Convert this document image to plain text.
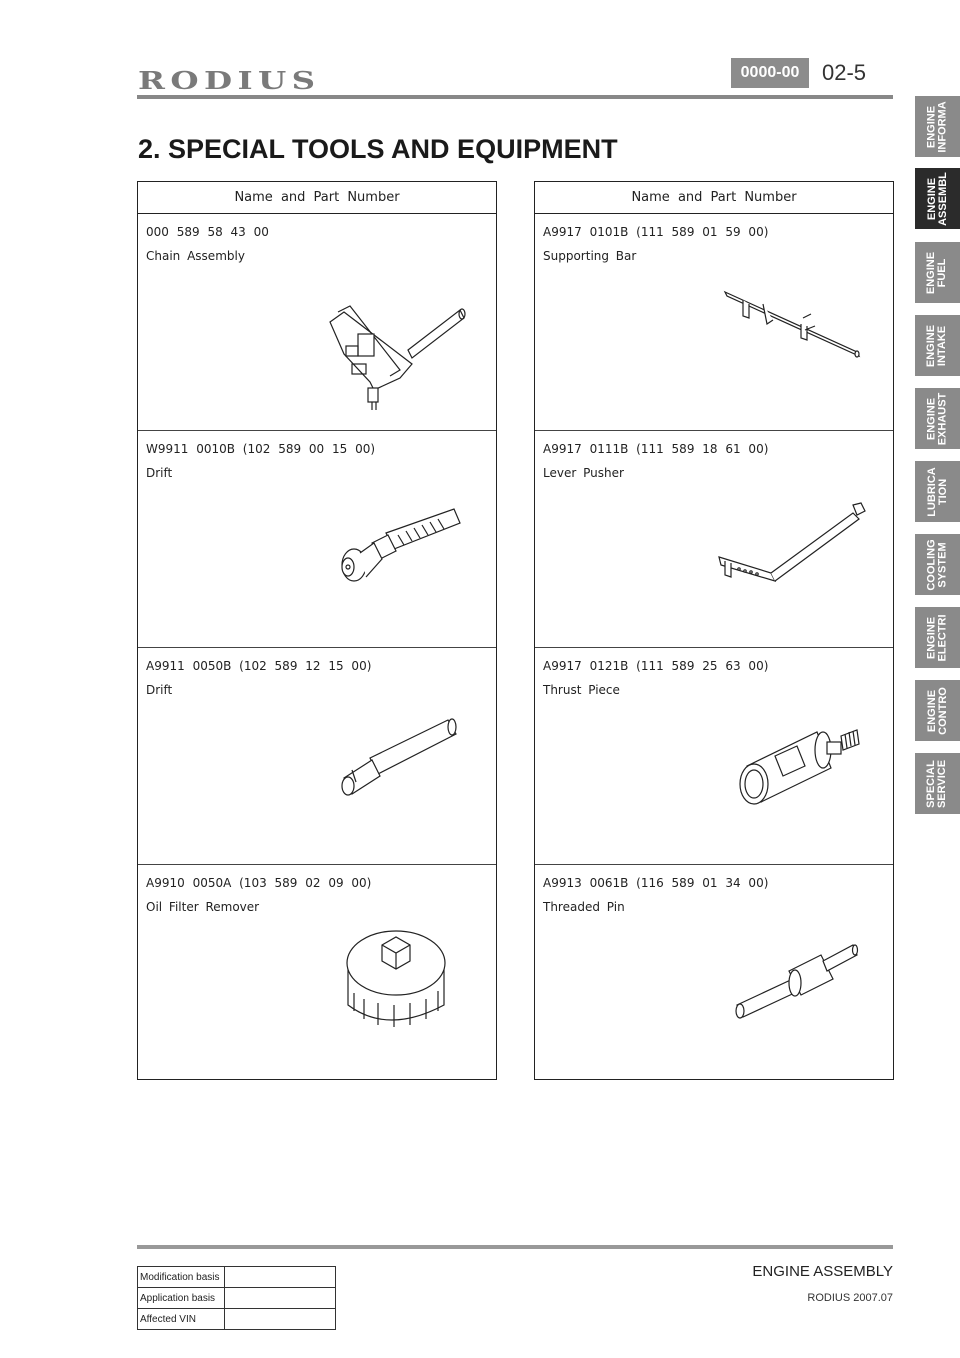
RODIUS	0000-00	02-5
2. SPECIAL TOOLS AND EQUIPMENT
Name and Part Number
000 589 58 43 00
Chain Assembly
W9911 0010B (102 589 00 15 00)
Drift
A9911 0050B (102 589 12 15 00)
Drift
A9910 0050A (103 589 02 09 00)
Oil Filter Remover
Name and Part Number
A9917 0101B (111 589 01 59 00)
Supporting Bar
A9917 0111B (111 589 18 61 00)
Lever Pusher
A9917 0121B (111 589 25 63 00)
Thrust Piece
A9913 0061B (116 589 01 34 00)
Threaded Pin
ENGINE
INFORMA
ENGINE
ASSEMBL
ENGINE
FUEL
ENGINE
INTAKE
ENGINE
EXHAUST
LUBRICA
TION
COOLING
SYSTEM
ENGINE
ELECTRI
ENGINE
CONTRO
SPECIAL
SERVICE
ENGINE ASSEMBLY
RODIUS 2007.07
Modification basis	
Application basis	
Affected VIN	
